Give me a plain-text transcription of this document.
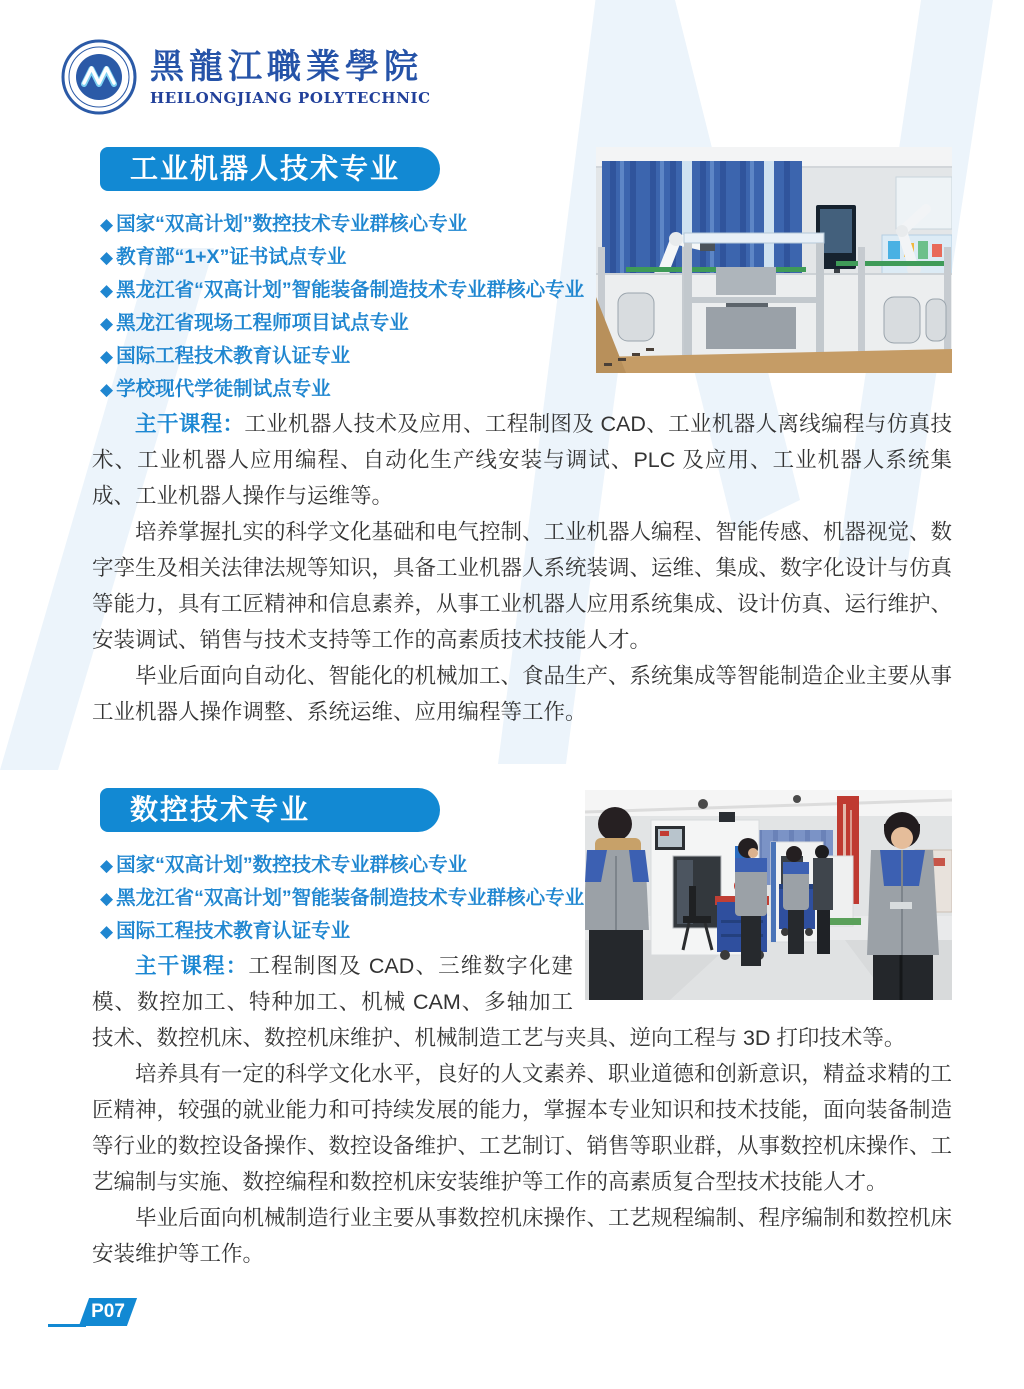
黑龍江職業學院
HEILONGJIANG POLYTECHNIC
工业机器人技术专业
◆ 国家“双高计划”数控技术专业群核心专业
◆ 教育部“1+X”证书试点专业
◆ 黑龙江省“双高计划”智能装备制造技术专业群核心专业
◆ 黑龙江省现场工程师项目试点专业
◆ 国际工程技术教育认证专业
◆ 学校现代学徒制试点专业

主干课程：工业机器人技术及应用、工程制图及 CAD、工业机器人离线编程与仿真技术、工业机器人应用编程、自动化生产线安装与调试、PLC 及应用、工业机器人系统集成、工业机器人操作与运维等。

培养掌握扎实的科学文化基础和电气控制、工业机器人编程、智能传感、机器视觉、数字孪生及相关法律法规等知识，具备工业机器人系统装调、运维、集成、数字化设计与仿真等能力，具有工匠精神和信息素养，从事工业机器人应用系统集成、设计仿真、运行维护、安装调试、销售与技术支持等工作的高素质技术技能人才。

毕业后面向自动化、智能化的机械加工、食品生产、系统集成等智能制造企业主要从事工业机器人操作调整、系统运维、应用编程等工作。

数控技术专业
◆ 国家“双高计划”数控技术专业群核心专业
◆ 黑龙江省“双高计划”智能装备制造技术专业群核心专业
◆ 国际工程技术教育认证专业

主干课程：工程制图及 CAD、三维数字化建模、数控加工、特种加工、机械 CAM、多轴加工技术、数控机床、数控机床维护、机械制造工艺与夹具、逆向工程与 3D 打印技术等。

培养具有一定的科学文化水平，良好的人文素养、职业道德和创新意识，精益求精的工匠精神，较强的就业能力和可持续发展的能力，掌握本专业知识和技术技能，面向装备制造等行业的数控设备操作、数控设备维护、工艺制订、销售等职业群，从事数控机床操作、工艺编制与实施、数控编程和数控机床安装维护等工作的高素质复合型技术技能人才。

毕业后面向机械制造行业主要从事数控机床操作、工艺规程编制、程序编制和数控机床安装维护等工作。

P07
